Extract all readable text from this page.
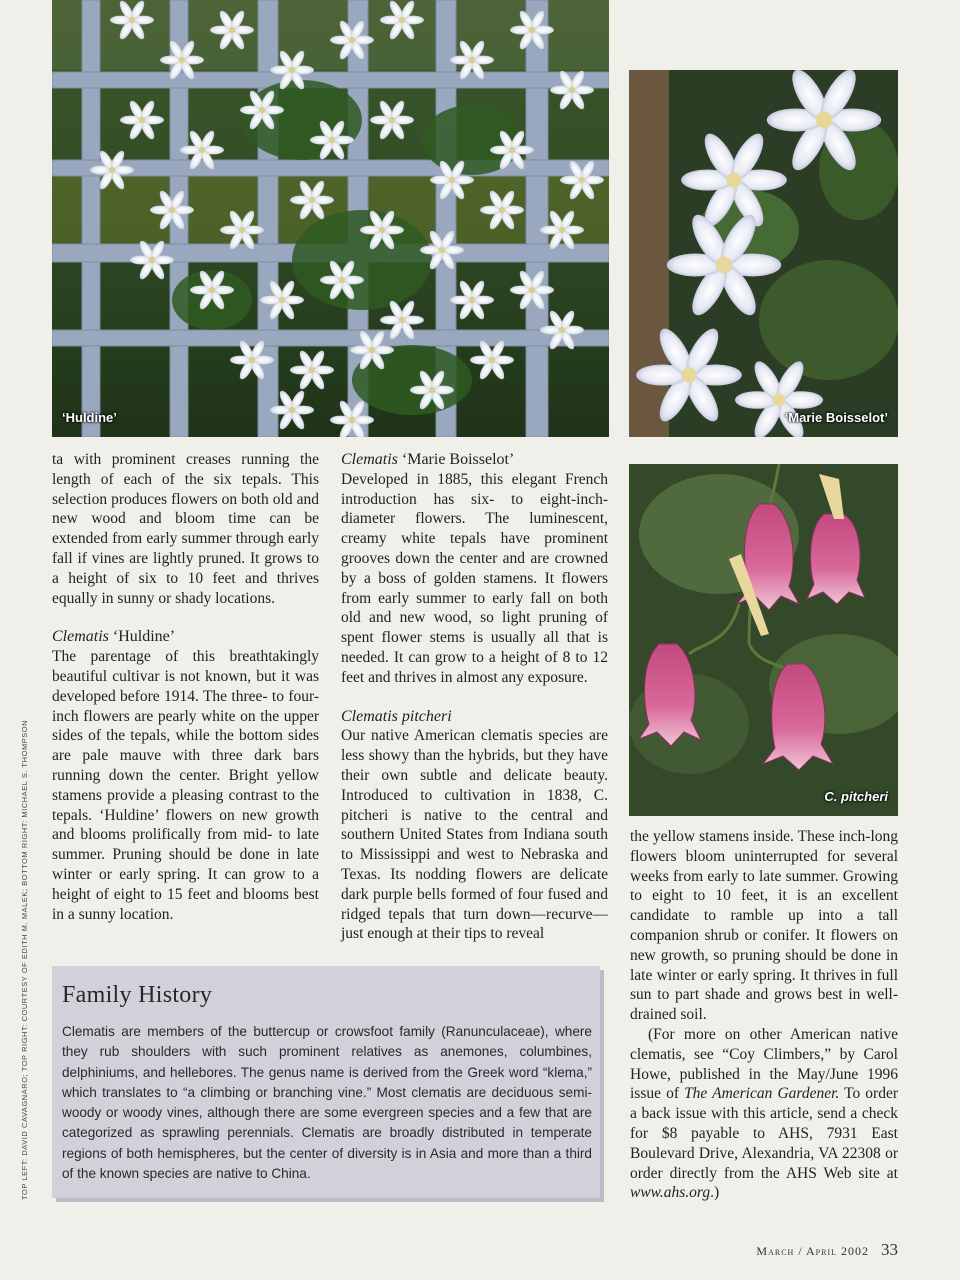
‘Huldine’	‘Marie Boisselot’
C. pitcheri

ta with prominent creases running the length of each of the six tepals. This selection produces flowers on both old and new wood and bloom time can be extended from early summer through early fall if vines are lightly pruned. It grows to a height of six to 10 feet and thrives equally in sunny or shady locations.

Clematis ‘Huldine’

The parentage of this breathtakingly beautiful cultivar is not known, but it was developed before 1914. The three- to four-inch flowers are pearly white on the upper sides of the tepals, while the bottom sides are pale mauve with three dark bars running down the center. Bright yellow stamens provide a pleasing contrast to the tepals. ‘Huldine’ flowers on new growth and blooms prolifically from mid- to late summer. Pruning should be done in late winter or early spring. It can grow to a height of eight to 15 feet and blooms best in a sunny location.

Clematis ‘Marie Boisselot’

Developed in 1885, this elegant French introduction has six- to eight-inch-diameter flowers. The luminescent, creamy white tepals have prominent grooves down the center and are crowned by a boss of golden stamens. It flowers from early summer to early fall on both old and new wood, so light pruning of spent flower stems is usually all that is needed. It can grow to a height of 8 to 12 feet and thrives in almost any exposure.

Clematis pitcheri

Our native American clematis species are less showy than the hybrids, but they have their own subtle and delicate beauty. Introduced to cultivation in 1838, C. pitcheri is native to the central and southern United States from Indiana south to Mississippi and west to Nebraska and Texas. Its nodding flowers are delicate dark purple bells formed of four fused and ridged tepals that turn down—recurve—just enough at their tips to reveal

the yellow stamens inside. These inch-long flowers bloom uninterrupted for several weeks from early to late summer. Growing to eight to 10 feet, it is an excellent candidate to ramble up into a tall companion shrub or conifer. It flowers on new growth, so pruning should be done in late winter or early spring. It thrives in full sun to part shade and grows best in well-drained soil.

(For more on other American native clematis, see “Coy Climbers,” by Carol Howe, published in the May/June 1996 issue of The American Gardener. To order a back issue with this article, send a check for $8 payable to AHS, 7931 East Boulevard Drive, Alexandria, VA 22308 or order directly from the AHS Web site at www.ahs.org.)

Family History
Clematis are members of the buttercup or crowsfoot family (Ranunculaceae), where they rub shoulders with such prominent relatives as anemones, columbines, delphiniums, and hellebores. The genus name is derived from the Greek word “klema,” which translates to “a climbing or branching vine.” Most clematis are deciduous semi-woody or woody vines, although there are some evergreen species and a few that are categorized as sprawling perennials. Clematis are broadly distributed in temperate regions of both hemispheres, but the center of diversity is in Asia and more than a third of the known species are native to China.
TOP LEFT: DAVID CAVAGNARO; TOP RIGHT: COURTESY OF EDITH M. MALEK; BOTTOM RIGHT: MICHAEL S. THOMPSON
March / April 2002 33
